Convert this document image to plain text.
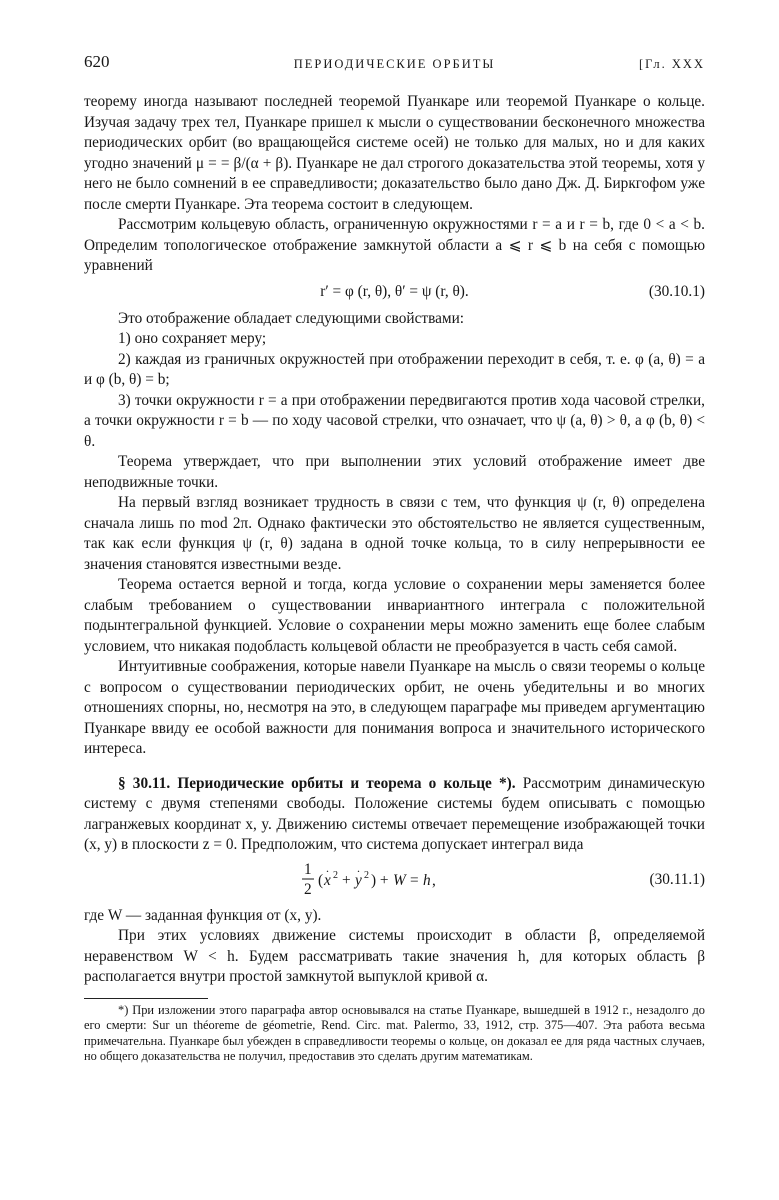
620	ПЕРИОДИЧЕСКИЕ ОРБИТЫ	[Гл. XXX

теорему иногда называют последней теоремой Пуанкаре или теоремой Пуанкаре о кольце. Изучая задачу трех тел, Пуанкаре пришел к мысли о существовании бесконечного множества периодических орбит (во вращающейся системе осей) не только для малых, но и для каких угодно значений μ = = β/(α + β). Пуанкаре не дал строгого доказательства этой теоремы, хотя у него не было сомнений в ее справедливости; доказательство было дано Дж. Д. Биркгофом уже после смерти Пуанкаре. Эта теорема состоит в следующем.

Рассмотрим кольцевую область, ограниченную окружностями r = a и r = b, где 0 < a < b. Определим топологическое отображение замкнутой области a ⩽ r ⩽ b на себя с помощью уравнений

r′ = φ (r, θ), θ′ = ψ (r, θ).	(30.10.1)

Это отображение обладает следующими свойствами:

1) оно сохраняет меру;

2) каждая из граничных окружностей при отображении переходит в себя, т. е. φ (a, θ) = a и φ (b, θ) = b;

3) точки окружности r = a при отображении передвигаются против хода часовой стрелки, а точки окружности r = b — по ходу часовой стрелки, что означает, что ψ (a, θ) > θ, а φ (b, θ) < θ.

Теорема утверждает, что при выполнении этих условий отображение имеет две неподвижные точки.

На первый взгляд возникает трудность в связи с тем, что функция ψ (r, θ) определена сначала лишь по mod 2π. Однако фактически это обстоятельство не является существенным, так как если функция ψ (r, θ) задана в одной точке кольца, то в силу непрерывности ее значения становятся известными везде.

Теорема остается верной и тогда, когда условие о сохранении меры заменяется более слабым требованием о существовании инвариантного интеграла с положительной подынтегральной функцией. Условие о сохранении меры можно заменить еще более слабым условием, что никакая подобласть кольцевой области не преобразуется в часть себя самой.

Интуитивные соображения, которые навели Пуанкаре на мысль о связи теоремы о кольце с вопросом о существовании периодических орбит, не очень убедительны и во многих отношениях спорны, но, несмотря на это, в следующем параграфе мы приведем аргументацию Пуанкаре ввиду ее особой важности для понимания вопроса и значительного исторического интереса.

§ 30.11. Периодические орбиты и теорема о кольце *). Рассмотрим динамическую систему с двумя степенями свободы. Положение системы будем описывать с помощью лагранжевых координат x, y. Движению системы отвечает перемещение изображающей точки (x, y) в плоскости z = 0. Предположим, что система допускает интеграл вида

1
2
( x 2
.
+ y 2
.
) + W = h ,	(30.11.1)

где W — заданная функция от (x, y).

При этих условиях движение системы происходит в области β, определяемой неравенством W < h. Будем рассматривать такие значения h, для которых область β располагается внутри простой замкнутой выпуклой кривой α.

*) При изложении этого параграфа автор основывался на статье Пуанкаре, вышедшей в 1912 г., незадолго до его смерти: Sur un théoreme de géometrie, Rend. Circ. mat. Palermo, 33, 1912, стр. 375—407. Эта работа весьма примечательна. Пуанкаре был убежден в справедливости теоремы о кольце, он доказал ее для ряда частных случаев, но общего доказательства не получил, предоставив это сделать другим математикам.
